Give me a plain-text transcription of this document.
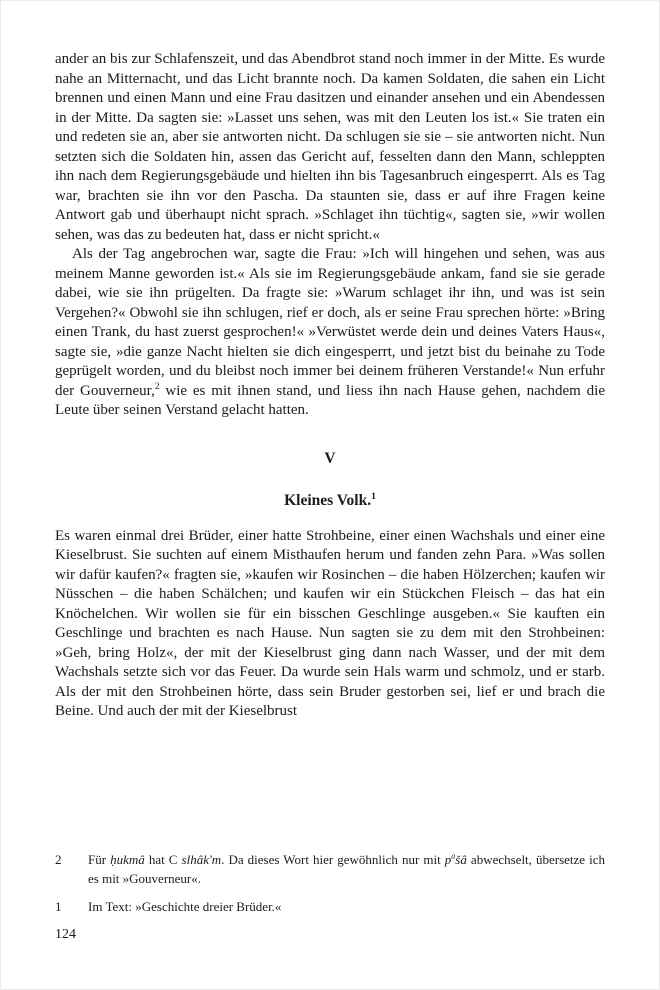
ander an bis zur Schlafenszeit, und das Abendbrot stand noch immer in der Mitte. Es wurde nahe an Mitternacht, und das Licht brannte noch. Da kamen Soldaten, die sahen ein Licht brennen und einen Mann und eine Frau dasitzen und einander ansehen und ein Abendessen in der Mitte. Da sagten sie: »Lasset uns sehen, was mit den Leuten los ist.« Sie traten ein und redeten sie an, aber sie antworten nicht. Da schlugen sie sie – sie antworten nicht. Nun setzten sich die Soldaten hin, assen das Gericht auf, fesselten dann den Mann, schleppten ihn nach dem Regierungsgebäude und hielten ihn bis Tagesanbruch eingesperrt. Als es Tag war, brachten sie ihn vor den Pascha. Da staunten sie, dass er auf ihre Fragen keine Antwort gab und überhaupt nicht sprach. »Schlaget ihn tüchtig«, sagten sie, »wir wollen sehen, was das zu bedeuten hat, dass er nicht spricht.«

Als der Tag angebrochen war, sagte die Frau: »Ich will hingehen und sehen, was aus meinem Manne geworden ist.« Als sie im Regierungsgebäude ankam, fand sie sie gerade dabei, wie sie ihn prügelten. Da fragte sie: »Warum schlaget ihr ihn, und was ist sein Vergehen?« Obwohl sie ihn schlugen, rief er doch, als er seine Frau sprechen hörte: »Bring einen Trank, du hast zuerst gesprochen!« »Verwüstet werde dein und deines Vaters Haus«, sagte sie, »die ganze Nacht hielten sie dich eingesperrt, und jetzt bist du beinahe zu Tode geprügelt worden, und du bleibst noch immer bei deinem früheren Verstande!« Nun erfuhr der Gouverneur,$^2$ wie es mit ihnen stand, und liess ihn nach Hause gehen, nachdem die Leute über seinen Verstand gelacht hatten.

V
Kleines Volk.$^1$

Es waren einmal drei Brüder, einer hatte Strohbeine, einer einen Wachshals und einer eine Kieselbrust. Sie suchten auf einem Misthaufen herum und fanden zehn Para. »Was sollen wir dafür kaufen?« fragten sie, »kaufen wir Rosinchen – die haben Hölzerchen; kaufen wir Nüsschen – die haben Schälchen; und kaufen wir ein Stückchen Fleisch – das hat ein Knöchelchen. Wir wollen sie für ein bisschen Geschlinge ausgeben.« Sie kauften ein Geschlinge und brachten es nach Hause. Nun sagten sie zu dem mit den Strohbeinen: »Geh, bring Holz«, der mit der Kieselbrust ging dann nach Wasser, und der mit dem Wachshals setzte sich vor das Feuer. Da wurde sein Hals warm und schmolz, und er starb. Als der mit den Strohbeinen hörte, dass sein Bruder gestorben sei, lief er und brach die Beine. Und auch der mit der Kieselbrust

2	Für ḥukmâ hat C slhâk'm. Da dieses Wort hier gewöhnlich nur mit $p^ašâ$ abwechselt, übersetze ich es mit »Gouverneur«.
1	Im Text: »Geschichte dreier Brüder.«
124
